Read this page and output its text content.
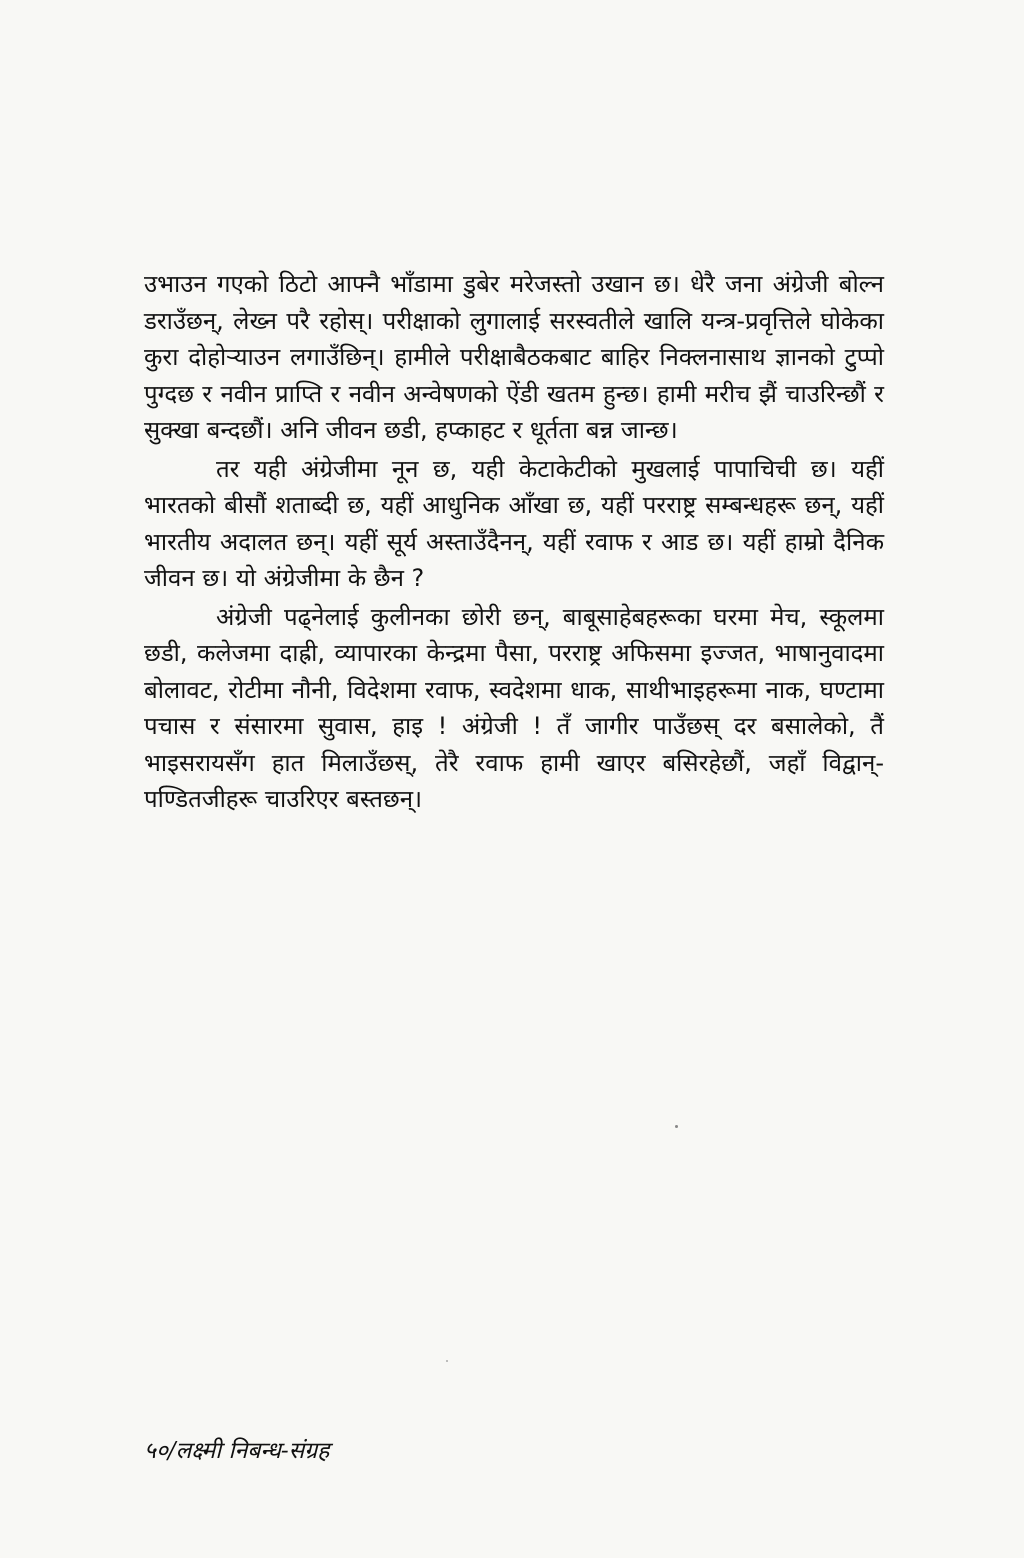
उभाउन गएको ठिटो आफ्नै भाँडामा डुबेर मरेजस्तो उखान छ। धेरै जना अंग्रेजी बोल्न डराउँछन्, लेख्न परै रहोस्। परीक्षाको लुगालाई सरस्वतीले खालि यन्त्र-प्रवृत्तिले घोकेका कुरा दोहोऱ्याउन लगाउँछिन्। हामीले परीक्षाबैठकबाट बाहिर निक्लनासाथ ज्ञानको टुप्पो पुग्दछ र नवीन प्राप्ति र नवीन अन्वेषणको ऐंडी खतम हुन्छ। हामी मरीच झैं चाउरिन्छौं र सुक्खा बन्दछौं। अनि जीवन छडी, हप्काहट र धूर्तता बन्न जान्छ।

तर यही अंग्रेजीमा नून छ, यही केटाकेटीको मुखलाई पापाचिची छ। यहीं भारतको बीसौं शताब्दी छ, यहीं आधुनिक आँखा छ, यहीं परराष्ट्र सम्बन्धहरू छन्, यहीं भारतीय अदालत छन्। यहीं सूर्य अस्ताउँदैनन्, यहीं रवाफ र आड छ। यहीं हाम्रो दैनिक जीवन छ। यो अंग्रेजीमा के छैन ?

अंग्रेजी पढ्नेलाई कुलीनका छोरी छन्, बाबूसाहेबहरूका घरमा मेच, स्कूलमा छडी, कलेजमा दाह्री, व्यापारका केन्द्रमा पैसा, परराष्ट्र अफिसमा इज्जत, भाषानुवादमा बोलावट, रोटीमा नौनी, विदेशमा रवाफ, स्वदेशमा धाक, साथीभाइहरूमा नाक, घण्टामा पचास र संसारमा सुवास, हाइ ! अंग्रेजी ! तँ जागीर पाउँछस् दर बसालेको, तैं भाइसरायसँग हात मिलाउँछस्, तेरै रवाफ हामी खाएर बसिरहेछौं, जहाँ विद्वान्-पण्डितजीहरू चाउरिएर बस्तछन्।

५०/लक्ष्मी निबन्ध-संग्रह
